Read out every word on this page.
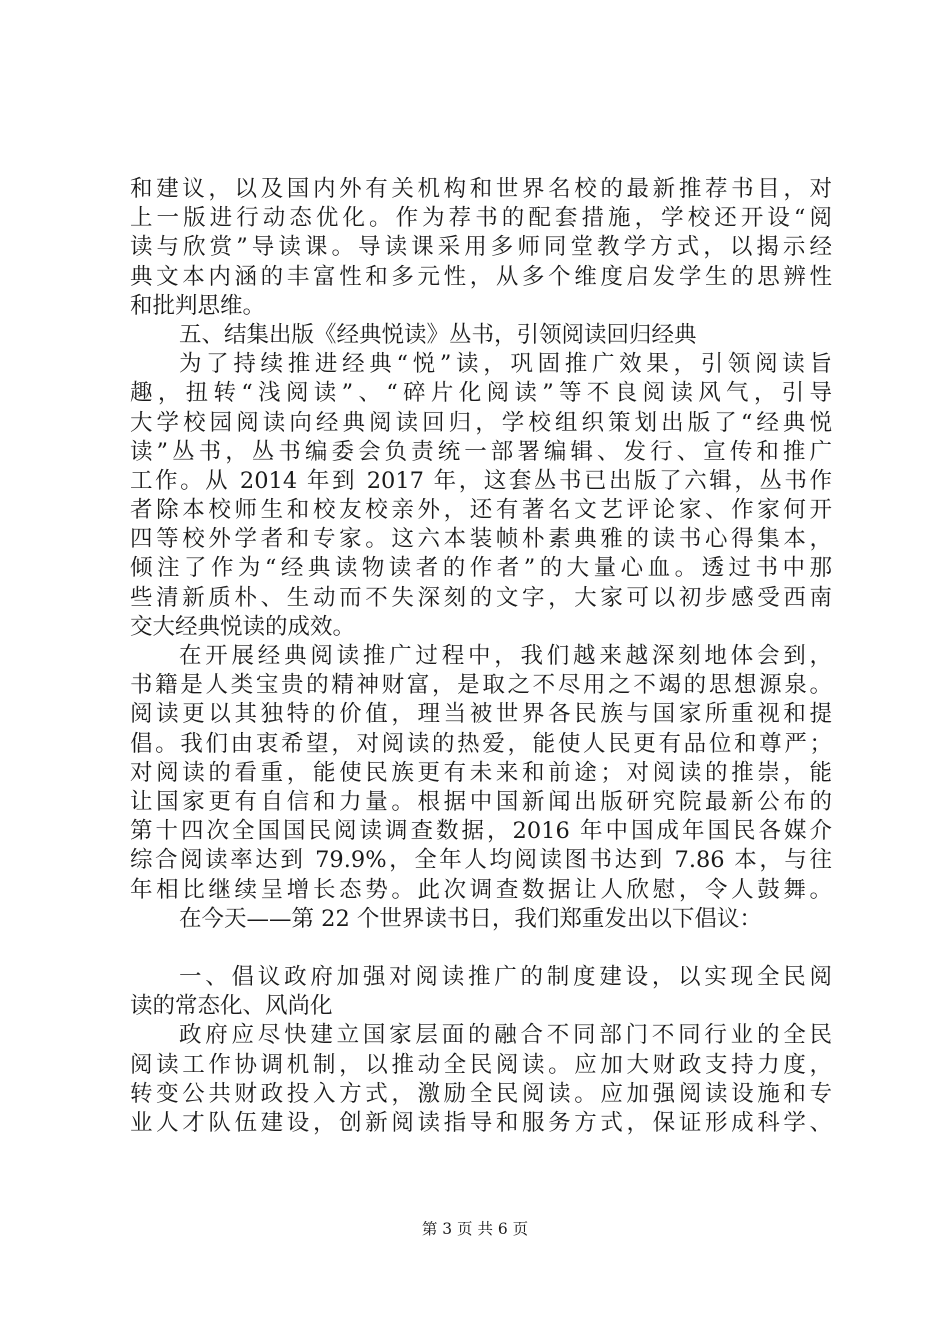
和建议，以及国内外有关机构和世界名校的最新推荐书目，对
上一版进行动态优化。作为荐书的配套措施，学校还开设“阅
读与欣赏”导读课。导读课采用多师同堂教学方式，以揭示经
典文本内涵的丰富性和多元性，从多个维度启发学生的思辨性
和批判思维。
五、结集出版《经典悦读》丛书，引领阅读回归经典
为了持续推进经典“悦”读，巩固推广效果，引领阅读旨
趣，扭转“浅阅读”、“碎片化阅读”等不良阅读风气，引导
大学校园阅读向经典阅读回归，学校组织策划出版了“经典悦
读”丛书，丛书编委会负责统一部署编辑、发行、宣传和推广
工作。从 2014 年到 2017 年，这套丛书已出版了六辑，丛书作
者除本校师生和校友校亲外，还有著名文艺评论家、作家何开
四等校外学者和专家。这六本装帧朴素典雅的读书心得集本，
倾注了作为“经典读物读者的作者”的大量心血。透过书中那
些清新质朴、生动而不失深刻的文字，大家可以初步感受西南
交大经典悦读的成效。
在开展经典阅读推广过程中，我们越来越深刻地体会到，
书籍是人类宝贵的精神财富，是取之不尽用之不竭的思想源泉。
阅读更以其独特的价值，理当被世界各民族与国家所重视和提
倡。我们由衷希望，对阅读的热爱，能使人民更有品位和尊严；
对阅读的看重，能使民族更有未来和前途；对阅读的推崇，能
让国家更有自信和力量。根据中国新闻出版研究院最新公布的
第十四次全国国民阅读调查数据，2016 年中国成年国民各媒介
综合阅读率达到 79.9%，全年人均阅读图书达到 7.86 本，与往
年相比继续呈增长态势。此次调查数据让人欣慰，令人鼓舞。
在今天——第 22 个世界读书日，我们郑重发出以下倡议：
一、倡议政府加强对阅读推广的制度建设，以实现全民阅
读的常态化、风尚化
政府应尽快建立国家层面的融合不同部门不同行业的全民
阅读工作协调机制，以推动全民阅读。应加大财政支持力度，
转变公共财政投入方式，激励全民阅读。应加强阅读设施和专
业人才队伍建设，创新阅读指导和服务方式，保证形成科学、
第 3 页 共 6 页
